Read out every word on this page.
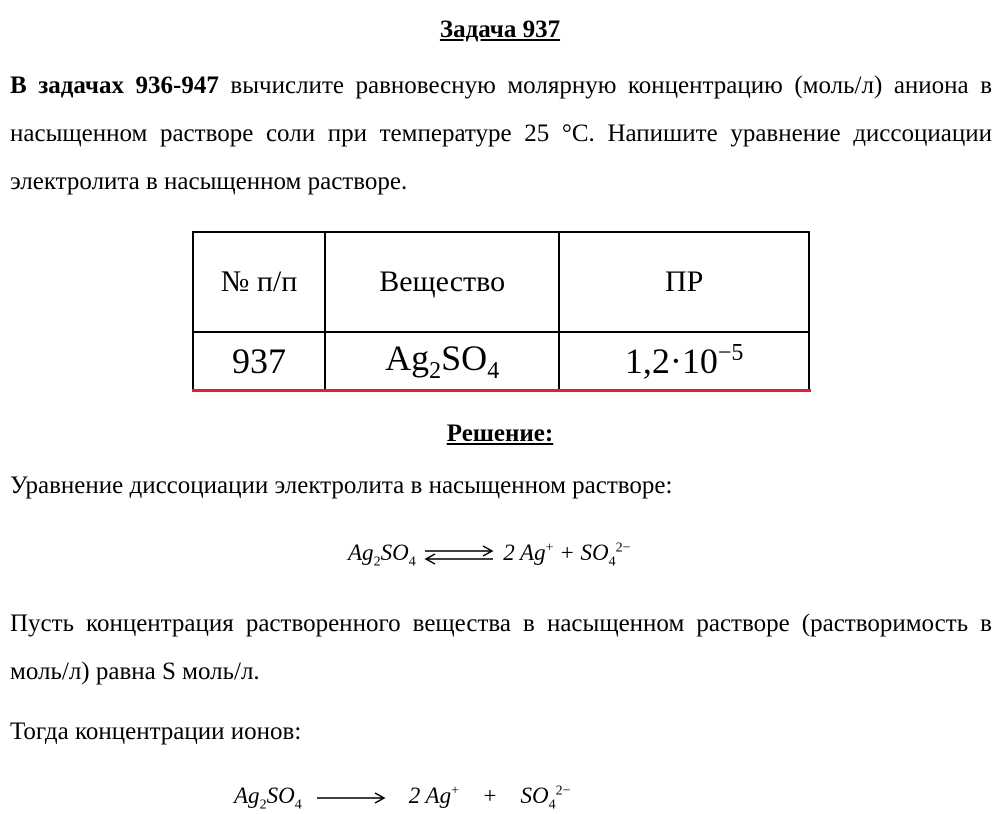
Задача 937
В задачах 936-947 вычислите равновесную молярную концентрацию (моль/л) аниона в насыщенном растворе соли при температуре 25 °С. Напишите уравнение диссоциации электролита в насыщенном растворе.
№ п/п	Вещество	ПР
937	$Ag_2SO_4$	$1,2\cdot 10^{-5}$
Решение:
Уравнение диссоциации электролита в насыщенном растворе:
$Ag_2SO_4$ ⇌ 2 $Ag^+ + SO_4^{2-}$
Пусть концентрация растворенного вещества в насыщенном растворе (растворимость в моль/л) равна S моль/л.
Тогда концентрации ионов:
$Ag_2SO_4$	2 $Ag^+ + SO_4^{2-}$
